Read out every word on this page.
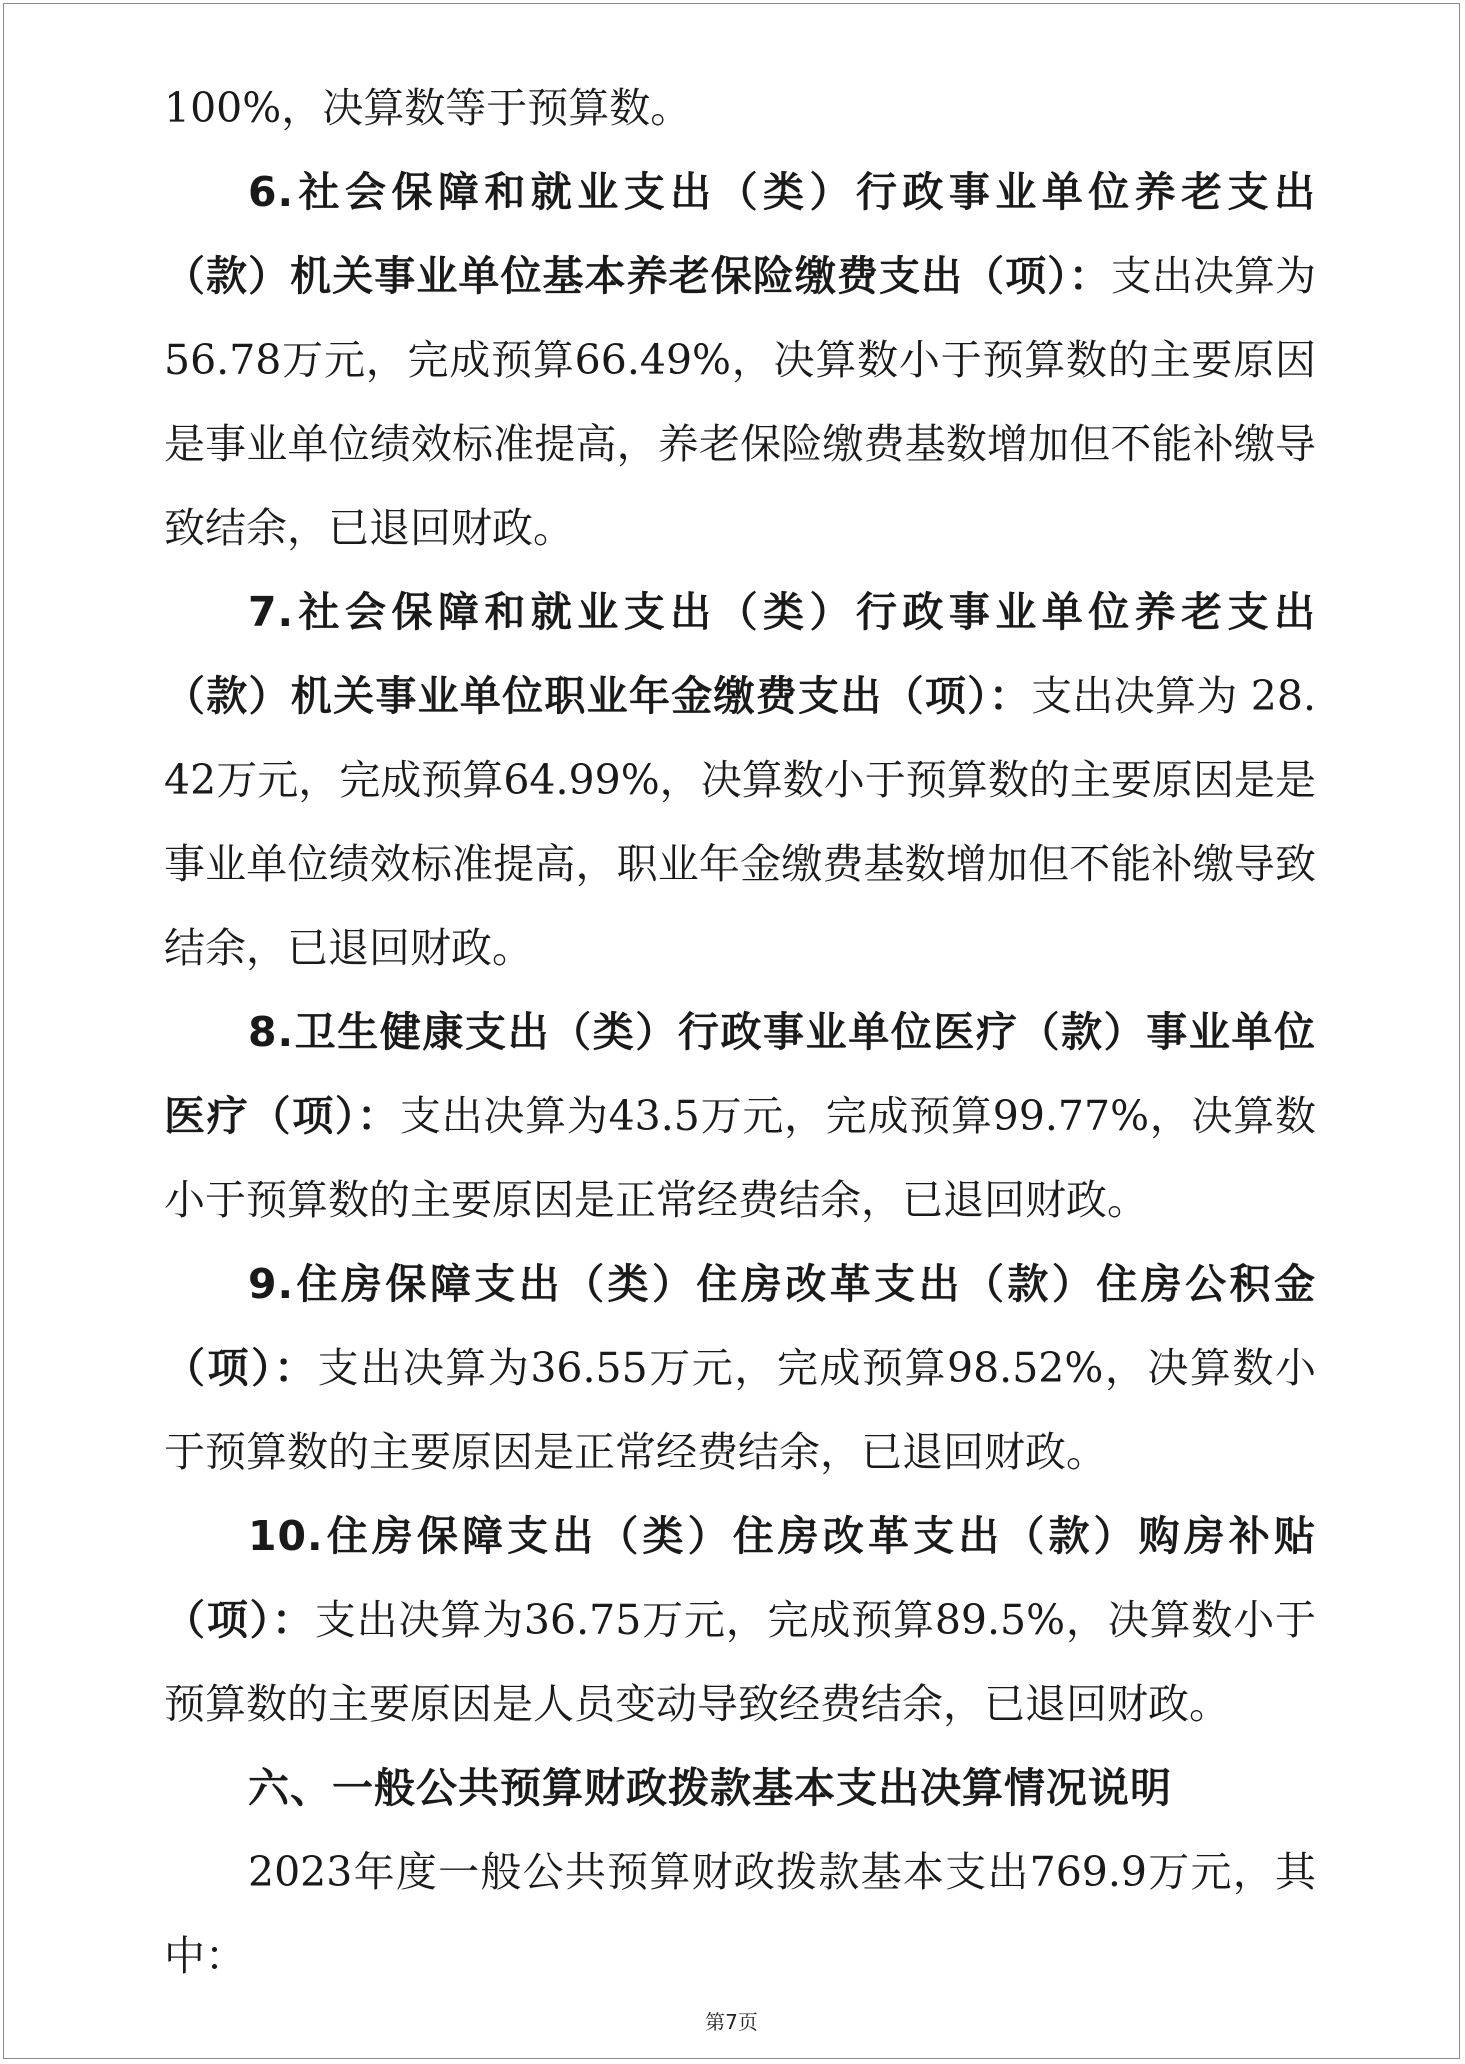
100%，决算数等于预算数。

6.社会保障和就业支出（类）行政事业单位养老支出（款）机关事业单位基本养老保险缴费支出（项）：支出决算为56.78万元，完成预算66.49%，决算数小于预算数的主要原因是事业单位绩效标准提高，养老保险缴费基数增加但不能补缴导致结余，已退回财政。

7.社会保障和就业支出（类）行政事业单位养老支出（款）机关事业单位职业年金缴费支出（项）：支出决算为 28.42万元，完成预算64.99%，决算数小于预算数的主要原因是是事业单位绩效标准提高，职业年金缴费基数增加但不能补缴导致结余，已退回财政。

8.卫生健康支出（类）行政事业单位医疗（款）事业单位医疗（项）：支出决算为43.5万元，完成预算99.77%，决算数小于预算数的主要原因是正常经费结余，已退回财政。

9.住房保障支出（类）住房改革支出（款）住房公积金（项）：支出决算为36.55万元，完成预算98.52%，决算数小于预算数的主要原因是正常经费结余，已退回财政。

10.住房保障支出（类）住房改革支出（款）购房补贴（项）：支出决算为36.75万元，完成预算89.5%，决算数小于预算数的主要原因是人员变动导致经费结余，已退回财政。

六、一般公共预算财政拨款基本支出决算情况说明

2023年度一般公共预算财政拨款基本支出769.9万元，其中：

第7页
